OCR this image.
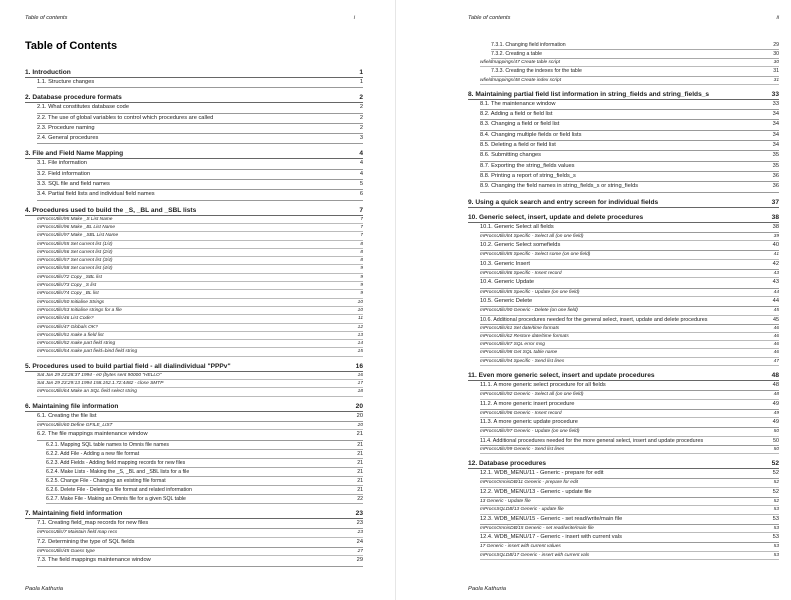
Table of contents	i
Table of Contents
1. Introduction	1
1.1. Structure changes	1
2. Database procedure formats	2
2.1. What constitutes database code	2
2.2. The use of global variables to control which procedures are called	2
2.3. Procedure naming	2
2.4. General procedures	3
3. File and Field Name Mapping	4
3.1. File information	4
3.2. Field information	4
3.3. SQL file and field names	5
3.4. Partial field lists and individual field names	6
4. Procedures used to build the _S, _BL and _SBL lists	7
mProcsUtils/95 Make _S List Name	7
mProcsUtils/96 Make _BL List Name	7
mProcsUtils/97 Make _SBL List Name	7
mProcsUtils/55 Set current list (1/4)	8
mProcsUtils/56 Set current list (2/4)	8
mProcsUtils/57 Set current list (3/4)	8
mProcsUtils/58 Set current list (4/4)	9
mProcsUtils/72 Copy _SBL list	9
mProcsUtils/73 Copy _S list	9
mProcsUtils/74 Copy _BL list	9
mProcsUtils/50 Initialise Strings	10
mProcsUtils/53 Initialise strings for a file	10
mProcsUtils/46 List Code?	11
mProcsUtils/47 Globals OK?	12
mProcsUtils/51 make a field list	13
mProcsUtils/52 make part field string	14
mProcsUtils/54 make part field=bind field string	15
5. Procedures used to build partial field - all dialindividual "PPPv"	16
Sat Jan 29 23:28:37 1994 - e0 (bytes sent 90000 "HELLO"	16
Sat Jan 29 23:29:13 1994 158.152.1.72:4482 - close SMTP	17
mProcsUtils/64 Make an SQL field select string	18
6. Maintaining file information	20
6.1. Creating the file list	20
mProcsUtils/60 Define GFILE_LIST	20
6.2. The file mappings maintenance window	21
6.2.1. Mapping SQL table names to Omnis file names	21
6.2.2. Add File - Adding a new file format	21
6.2.3. Add Fields - Adding field mapping records for new files	21
6.2.4. Make Lists - Making the _S, _BL and _SBL lists for a file	21
6.2.5. Change File - Changing an existing file format	21
6.2.6. Delete File - Deleting a file format and related information	21
6.2.7. Make File - Making an Omnis file for a given SQL table	22
7. Maintaining field information	23
7.1. Creating field_map records for new files	23
mProcsUtils/7 Maintain field map recs	23
7.2. Determining the type of SQL fields	24
mProcsUtils/45 Guess type	27
7.3. The field mappings maintenance window	29
Paola Kathuria
Table of contents	ii
7.3.1. Changing field information	29
7.3.2. Creating a table	30
wfieldmappings/47 Create table script	30
7.3.3. Creating the indexes for the table	31
wfieldmappings/48 Create index script	31
8. Maintaining partial field list information in string_fields and string_fields_s	33
8.1. The maintenance window	33
8.2. Adding a field or field list	34
8.3. Changing a field or field list	34
8.4. Changing multiple fields or field lists	34
8.5. Deleting a field or field list	34
8.6. Submitting changes	35
8.7. Exporting the string_fields values	35
8.8. Printing a report of string_fields_s	36
8.9. Changing the field names in string_fields_s or string_fields	36
9. Using a quick search and entry screen for individual fields	37
10. Generic select, insert, update and delete procedures	38
10.1. Generic Select all fields	38
mProcsUtils/84 Specific - Select all (on one field)	39
10.2. Generic Select somefields	40
mProcsUtils/85 Specific - Select some (on one field)	41
10.3. Generic Insert	42
mProcsUtils/86 Specific - Insert record	43
10.4. Generic Update	43
mProcsUtils/85 Specific - Update (on one field)	44
10.5. Generic Delete	44
mProcsUtils/90 Generic - Delete (on one field)	45
10.6. Additional procedures needed for the general select, insert, update and delete procedures	45
mProcsUtils/61 Set date/time formats	46
mProcsUtils/62 Restore date/time formats	46
mProcsUtils/87 SQL error msg	46
mProcsUtils/98 Get SQL table name	46
mProcsUtils/94 Specific - Send list lines	47
11. Even more generic select, insert and update procedures	48
11.1. A more generic select procedure for all fields	48
mProcsUtils/92 Generic - Select all (on one field)	48
11.2. A more generic insert procedure	49
mProcsUtils/96 Generic - Insert record	49
11.3. A more generic update procedure	49
mProcsUtils/97 Generic - Update (on one field)	50
11.4. Additional procedures needed for the more general select, insert and update procedures	50
mProcsUtils/99 Generic - Send list lines	50
12. Database procedures	52
12.1. WDB_MENU/11 - Generic - prepare for edit	52
mProcsOmnisDB/11 Generic - prepare for edit	52
12.2. WDB_MENU/13 - Generic - update file	52
13 Generic - Update file	52
mProcsSQLDB/13 Generic - update file	53
12.3. WDB_MENU/15 - Generic - set read/write/main file	53
mProcsOmnisDB/15 Generic - set read/write/main file	53
12.4. WDB_MENU/17 - Generic - insert with current vals	53
17 Generic - insert with current values	53
mProcsSQLDB/17 Generic - insert with current vals	53
Paola Kathuria
